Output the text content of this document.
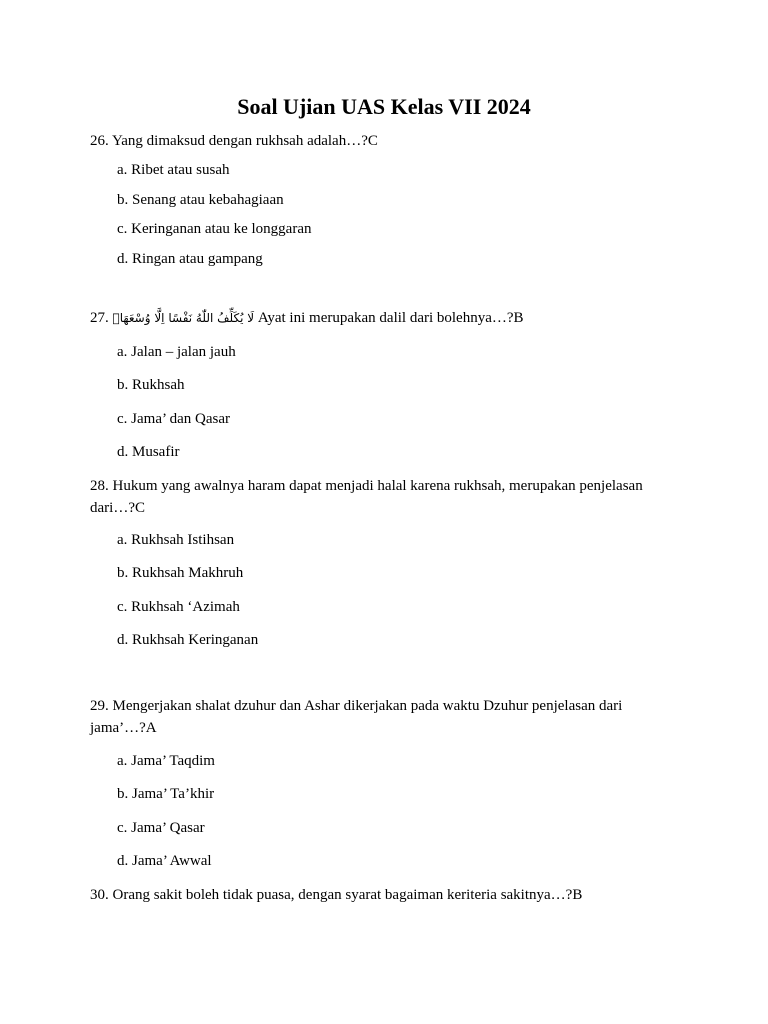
Soal Ujian UAS Kelas VII 2024
26. Yang dimaksud dengan rukhsah adalah…?C
a. Ribet atau susah
b. Senang atau kebahagiaan
c. Keringanan atau ke longgaran
d. Ringan atau gampang
27. لَا يُكَلِّفُ اللّٰهُ نَفْسًا اِلَّا وُسْعَهَاۗ Ayat ini merupakan dalil dari bolehnya…?B
a. Jalan – jalan jauh
b. Rukhsah
c. Jama’ dan Qasar
d. Musafir
28. Hukum yang awalnya haram dapat menjadi halal karena rukhsah, merupakan penjelasan dari…?C
a. Rukhsah Istihsan
b. Rukhsah Makhruh
c. Rukhsah ‘Azimah
d. Rukhsah Keringanan
29. Mengerjakan shalat dzuhur dan Ashar dikerjakan pada waktu Dzuhur penjelasan dari jama’…?A
a. Jama’ Taqdim
b. Jama’ Ta’khir
c. Jama’ Qasar
d. Jama’ Awwal
30. Orang sakit boleh tidak puasa, dengan syarat bagaiman keriteria sakitnya…?B
